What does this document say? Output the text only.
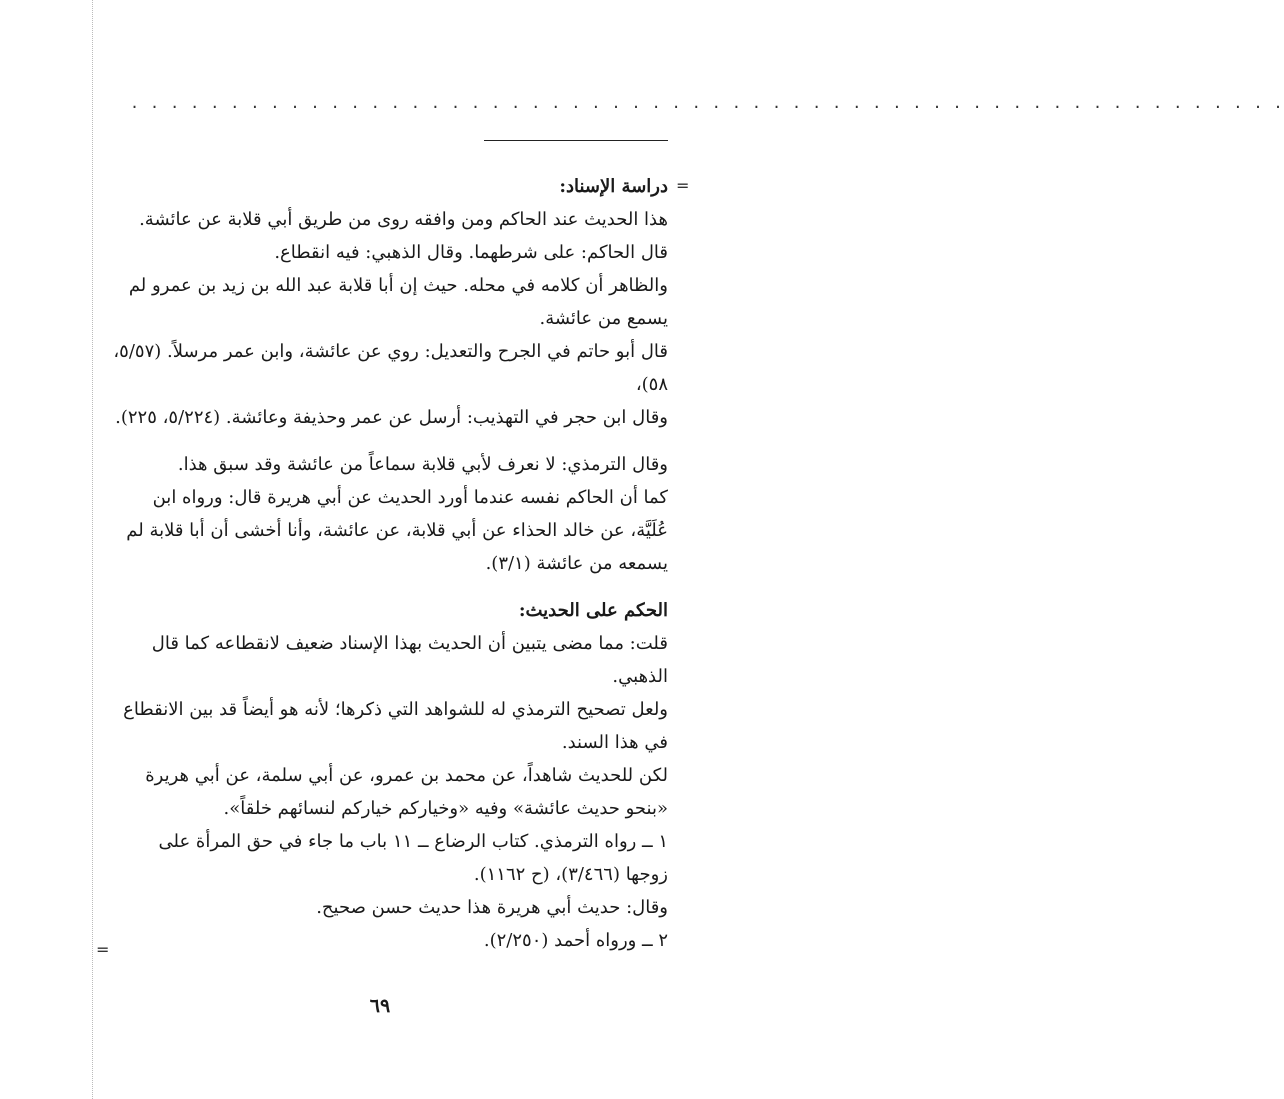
. . . . . . . . . . . . . . . . . . . . . . . . . . . . . . . . . . . . . . . . . . . . . . . . . . . . . . . . . .
=
=
دراسة الإسناد:

هذا الحديث عند الحاكم ومن وافقه روى من طريق أبي قلابة عن عائشة.

قال الحاكم: على شرطهما. وقال الذهبي: فيه انقطاع.

والظاهر أن كلامه في محله. حيث إن أبا قلابة عبد الله بن زيد بن عمرو لم يسمع من عائشة.

قال أبو حاتم في الجرح والتعديل: روي عن عائشة، وابن عمر مرسلاً. (٥/٥٧، ٥٨)،

وقال ابن حجر في التهذيب: أرسل عن عمر وحذيفة وعائشة. (٥/٢٢٤، ٢٢٥).

وقال الترمذي: لا نعرف لأبي قلابة سماعاً من عائشة وقد سبق هذا.

كما أن الحاكم نفسه عندما أورد الحديث عن أبي هريرة قال: ورواه ابن عُلَيَّة، عن خالد الحذاء عن أبي قلابة، عن عائشة، وأنا أخشى أن أبا قلابة لم يسمعه من عائشة (٣/١).

الحكم على الحديث:

قلت: مما مضى يتبين أن الحديث بهذا الإسناد ضعيف لانقطاعه كما قال الذهبي.

ولعل تصحيح الترمذي له للشواهد التي ذكرها؛ لأنه هو أيضاً قد بين الانقطاع في هذا السند.

لكن للحديث شاهداً، عن محمد بن عمرو، عن أبي سلمة، عن أبي هريرة «بنحو حديث عائشة» وفيه «وخياركم خياركم لنسائهم خلقاً».

١ ــ رواه الترمذي. كتاب الرضاع ــ ١١ باب ما جاء في حق المرأة على زوجها (٣/٤٦٦)، (ح ١١٦٢).

وقال: حديث أبي هريرة هذا حديث حسن صحيح.

٢ ــ ورواه أحمد (٢/٢٥٠).

٦٩
